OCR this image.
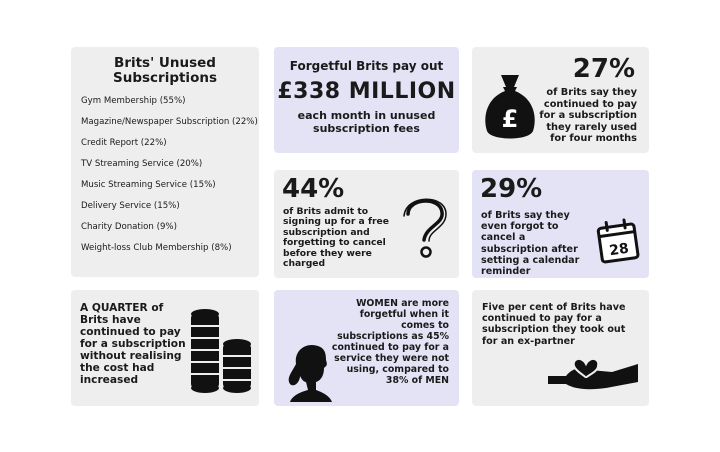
Brits' Unused Subscriptions
Gym Membership (55%)
Magazine/Newspaper Subscription (22%)
Credit Report (22%)
TV Streaming Service (20%)
Music Streaming Service (15%)
Delivery Service (15%)
Charity Donation (9%)
Weight-loss Club Membership (8%)
Forgetful Brits pay out
£338 MILLION
each month in unused subscription fees	£
27%
of Brits say they continued to pay for a subscription they rarely used for four months
44%
of Brits admit to signing up for a free subscription and forgetting to cancel before they were charged
29%
of Brits say they even forgot to cancel a subscription after setting a calendar reminder
28
A QUARTER of Brits have continued to pay for a subscription without realising the cost had increased
WOMEN are more forgetful when it comes to subscriptions as 45% continued to pay for a service they were not using, compared to 38% of MEN
Five per cent of Brits have continued to pay for a subscription they took out for an ex-partner
